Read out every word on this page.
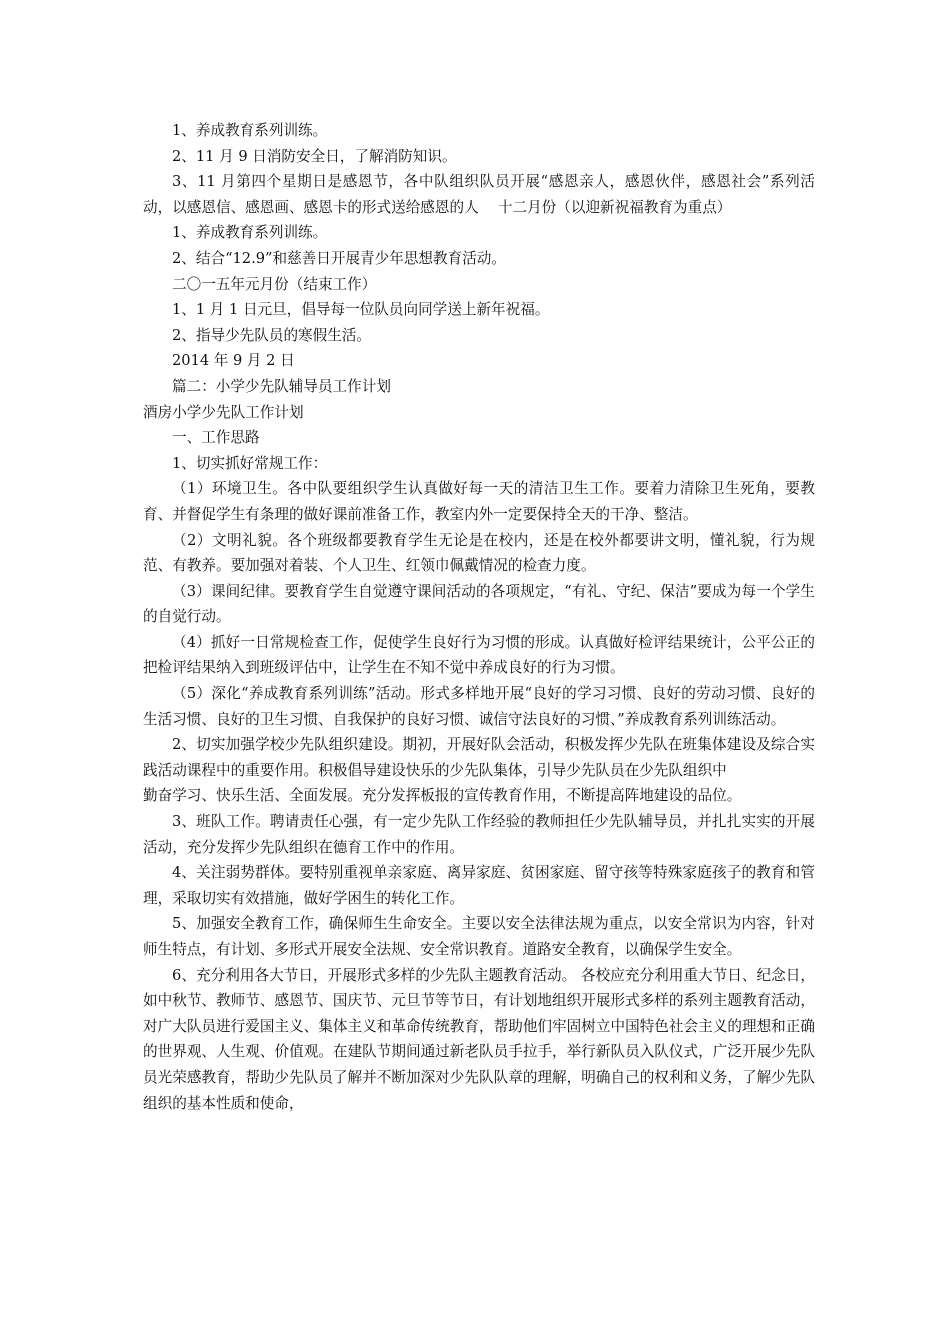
1、养成教育系列训练。

2、11 月 9 日消防安全日，了解消防知识。

3、11 月第四个星期日是感恩节，各中队组织队员开展“感恩亲人，感恩伙伴，感恩社会”系列活动，以感恩信、感恩画、感恩卡的形式送给感恩的人　 十二月份（以迎新祝福教育为重点）

1、养成教育系列训练。

2、结合“12.9”和慈善日开展青少年思想教育活动。

二〇一五年元月份（结束工作）

1、1 月 1 日元旦，倡导每一位队员向同学送上新年祝福。

2、指导少先队员的寒假生活。

2014 年 9 月 2 日

篇二：小学少先队辅导员工作计划

酒房小学少先队工作计划

一、工作思路

1、切实抓好常规工作：

（1）环境卫生。各中队要组织学生认真做好每一天的清洁卫生工作。要着力清除卫生死角，要教育、并督促学生有条理的做好课前准备工作，教室内外一定要保持全天的干净、整洁。

（2）文明礼貌。各个班级都要教育学生无论是在校内，还是在校外都要讲文明，懂礼貌，行为规范、有教养。要加强对着装、个人卫生、红领巾佩戴情况的检查力度。

（3）课间纪律。要教育学生自觉遵守课间活动的各项规定，“有礼、守纪、保洁”要成为每一个学生的自觉行动。

（4）抓好一日常规检查工作，促使学生良好行为习惯的形成。认真做好检评结果统计，公平公正的把检评结果纳入到班级评估中，让学生在不知不觉中养成良好的行为习惯。

（5）深化“养成教育系列训练”活动。形式多样地开展“良好的学习习惯、良好的劳动习惯、良好的生活习惯、良好的卫生习惯、自我保护的良好习惯、诚信守法良好的习惯、”养成教育系列训练活动。

2、切实加强学校少先队组织建设。期初，开展好队会活动，积极发挥少先队在班集体建设及综合实践活动课程中的重要作用。积极倡导建设快乐的少先队集体，引导少先队员在少先队组织中

勤奋学习、快乐生活、全面发展。充分发挥板报的宣传教育作用，不断提高阵地建设的品位。

3、班队工作。聘请责任心强，有一定少先队工作经验的教师担任少先队辅导员，并扎扎实实的开展活动，充分发挥少先队组织在德育工作中的作用。

4、关注弱势群体。要特别重视单亲家庭、离异家庭、贫困家庭、留守孩等特殊家庭孩子的教育和管理，采取切实有效措施，做好学困生的转化工作。

5、加强安全教育工作，确保师生生命安全。主要以安全法律法规为重点，以安全常识为内容，针对师生特点，有计划、多形式开展安全法规、安全常识教育。道路安全教育，以确保学生安全。

6、充分利用各大节日，开展形式多样的少先队主题教育活动。 各校应充分利用重大节日、纪念日，如中秋节、教师节、感恩节、国庆节、元旦节等节日，有计划地组织开展形式多样的系列主题教育活动，对广大队员进行爱国主义、集体主义和革命传统教育，帮助他们牢固树立中国特色社会主义的理想和正确的世界观、人生观、价值观。在建队节期间通过新老队员手拉手，举行新队员入队仪式，广泛开展少先队员光荣感教育，帮助少先队员了解并不断加深对少先队队章的理解，明确自己的权利和义务，了解少先队组织的基本性质和使命，
